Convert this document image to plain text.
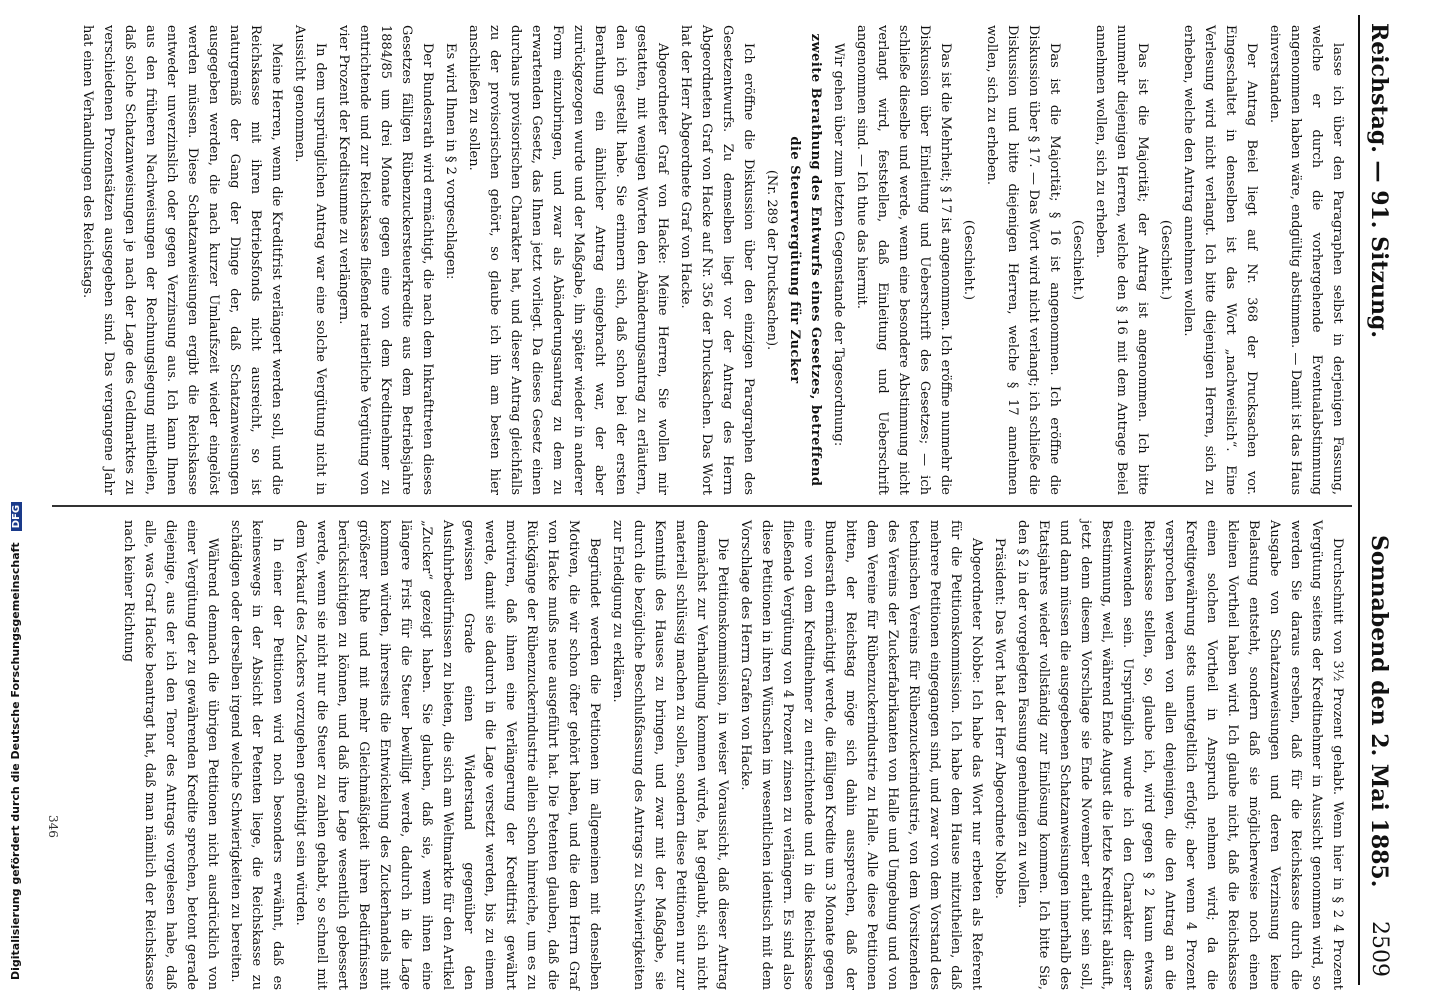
Reichstag. — 91. Sitzung.
Sonnabend den 2. Mai 1885.
2509

lasse ich über den Paragraphen selbst in derjenigen Fassung, welche er durch die vorhergehende Eventualabstimmung angenommen haben wäre, endgültig abstimmen. — Damit ist das Haus einverstanden.

Der Antrag Beiel liegt auf Nr. 368 der Drucksachen vor. Eingeschaltet in denselben ist das Wort „nachweislich“. Eine Verlesung wird nicht verlangt. Ich bitte diejenigen Herren, sich zu erheben, welche den Antrag annehmen wollen.

(Geschieht.)

Das ist die Majorität; der Antrag ist angenommen. Ich bitte nunmehr diejenigen Herren, welche den § 16 mit dem Antrage Beiel annehmen wollen, sich zu erheben.

(Geschieht.)

Das ist die Majorität; § 16 ist angenommen. Ich eröffne die Diskussion über § 17. — Das Wort wird nicht verlangt; ich schließe die Diskussion und bitte diejenigen Herren, welche § 17 annehmen wollen, sich zu erheben.

(Geschieht.)

Das ist die Mehrheit; § 17 ist angenommen. Ich eröffne nunmehr die Diskussion über Einleitung und Ueberschrift des Gesetzes; — ich schließe dieselbe und werde, wenn eine besondere Abstimmung nicht verlangt wird, feststellen, daß Einleitung und Ueberschrift angenommen sind. — Ich thue das hiermit.

Wir gehen über zum letzten Gegenstande der Tagesordnung:

zweite Berathung des Entwurfs eines Gesetzes, betreffend die Steuervergütung für Zucker

(Nr. 289 der Drucksachen).

Ich eröffne die Diskussion über den einzigen Paragraphen des Gesetzentwurfs. Zu demselben liegt vor der Antrag des Herrn Abgeordneten Graf von Hacke auf Nr. 356 der Drucksachen. Das Wort hat der Herr Abgeordnete Graf von Hacke.

Abgeordneter Graf von Hacke: Meine Herren, Sie wollen mir gestatten, mit wenigen Worten den Abänderungsantrag zu erläutern, den ich gestellt habe. Sie erinnern sich, daß schon bei der ersten Berathung ein ähnlicher Antrag eingebracht war, der aber zurückgezogen wurde und der Maßgabe, ihn später wieder in anderer Form einzubringen, und zwar als Abänderungsantrag zu dem zu erwartenden Gesetz, das Ihnen jetzt vorliegt. Da dieses Gesetz einen durchaus provisorischen Charakter hat, und dieser Antrag gleichfalls zu der provisorischen gehört, so glaube ich ihn am besten hier anschließen zu sollen.

Es wird Ihnen in § 2 vorgeschlagen:

Der Bundesrath wird ermächtigt, die nach dem Inkrafttreten dieses Gesetzes fälligen Rübenzuckersteuerkredite aus dem Betriebsjahre 1884/85 um drei Monate gegen eine von dem Kreditnehmer zu entrichtende und zur Reichskasse fließende ratierliche Vergütung von vier Prozent der Kreditsumme zu verlängern.

In dem ursprünglichen Antrag war eine solche Vergütung nicht in Aussicht genommen.

Meine Herren, wenn die Kreditfrist verlängert werden soll, und die Reichskasse mit ihren Betriebsfonds nicht ausreicht, so ist naturgemäß der Gang der Dinge der, daß Schatzanweisungen ausgegeben werden, die nach kurzer Umlaufszeit wieder eingelöst werden müssen. Diese Schatzanweisungen ergibt die Reichskasse entweder unverzinslich oder gegen Verzinsung aus. Ich kann Ihnen aus den früheren Nachweisungen der Rechnungslegung mittheilen, daß solche Schatzanweisungen je nach der Lage des Geldmarktes zu verschiedenen Prozentsätzen ausgegeben sind. Das vergangene Jahr hat einen Verhandlungen des Reichstags.

Durchschnitt von 3½ Prozent gehabt. Wenn hier in § 2 4 Prozent Vergütung seitens der Kreditnehmer in Aussicht genommen wird, so werden Sie daraus ersehen, daß für die Reichskasse durch die Ausgabe von Schatzanweisungen und deren Verzinsung keine Belastung entsteht, sondern daß sie möglicherweise noch einen kleinen Vortheil haben wird. Ich glaube nicht, daß die Reichskasse einen solchen Vortheil in Anspruch nehmen wird; da die Kreditgewährung stets unentgeltlich erfolgt; aber wenn 4 Prozent versprochen werden von allen denjenigen, die den Antrag an die Reichskasse stellen, so, glaube ich, wird gegen § 2 kaum etwas einzuwenden sein. Ursprünglich wurde ich den Charakter dieser Bestimmung, weil, während Ende August die letzte Kreditfrist abläuft, jetzt denn diesem Vorschlage sie Ende November erlaubt sein soll, und dann müssen die ausgegebenen Schatzanweisungen innerhalb des Etatsjahres wieder vollständig zur Einlösung kommen. Ich bitte Sie, den § 2 in der vorgelegten Fassung genehmigen zu wollen.

Präsident: Das Wort hat der Herr Abgeordnete Nobbe.

Abgeordneter Nobbe: Ich habe das Wort nur erbeten als Referent für die Petitionskommission. Ich habe dem Hause mitzutheilen, daß mehrere Petitionen eingegangen sind, und zwar von dem Vorstand des technischen Vereins für Rübenzuckerindustrie, von dem Vorsitzenden des Vereins der Zuckerfabrikanten von Halle und Umgebung und von dem Vereine für Rübenzuckerindustrie zu Halle. Alle diese Petitionen bitten, der Reichstag möge sich dahin aussprechen, daß der Bundesrath ermächtigt werde, die fälligen Kredite um 3 Monate gegen eine von dem Kreditnehmer zu entrichtende und in die Reichskasse fließende Vergütung von 4 Prozent zinsen zu verlängern. Es sind also diese Petitionen in ihren Wünschen im wesentlichen identisch mit dem Vorschlage des Herrn Grafen von Hacke.

Die Petitionskommission, in weiser Voraussicht, daß dieser Antrag demnächst zur Verhandlung kommen würde, hat geglaubt, sich nicht materiell schlüssig machen zu sollen, sondern diese Petitionen nur zur Kenntniß des Hauses zu bringen, und zwar mit der Maßgabe, sie durch die bezügliche Beschlußfassung des Antrags zu Schwierigkeiten zur Erledigung zu erklären.

Begründet werden die Petitionen im allgemeinen mit denselben Motiven, die wir schon öfter gehört haben, und die dem Herrn Graf von Hacke mußs neue ausgeführt hat. Die Petenten glauben, daß die Rückgänge der Rübenzuckerindustrie allein schon hinreiche, um es zu motiviren, daß ihnen eine Verlängerung der Kreditfrist gewährt werde, damit sie dadurch in die Lage versetzt werden, bis zu einem gewissen Grade einen Widerstand gegenüber den Ausfuhrbedürfnissen zu bieten, die sich am Weltmarkte für den Artikel „Zucker“ gezeigt haben. Sie glauben, daß sie, wenn ihnen eine längere Frist für die Steuer bewilligt werde, dadurch in die Lage kommen würden, ihrerseits die Entwickelung des Zuckerhandels mit größerer Ruhe und mit mehr Gleichmäßigkeit ihren Bedürfnissen berücksichtigen zu können, und daß ihre Lage wesentlich gebessert werde, wenn sie nicht nur die Steuer zu zahlen gehabt, so schnell mit dem Verkauf des Zuckers vorzugehen genöthigt sein würden.

In einer der Petitionen wird noch besonders erwähnt, daß es keineswegs in der Absicht der Petenten liege, die Reichskasse zu schädigen oder derselben irgend welche Schwierigkeiten zu bereiten.

Während demnach die übrigen Petitionen nicht ausdrücklich von einer Vergütung der zu gewährenden Kredite sprechen, betont gerade diejenige, aus der ich den Tenor des Antrags vorgelesen habe, daß alle, was Graf Hacke beantragt hat, daß man nämlich der Reichskasse nach keiner Richtung

346
Digitalisierung gefördert durch die Deutsche Forschungsgemeinschaft DFG
